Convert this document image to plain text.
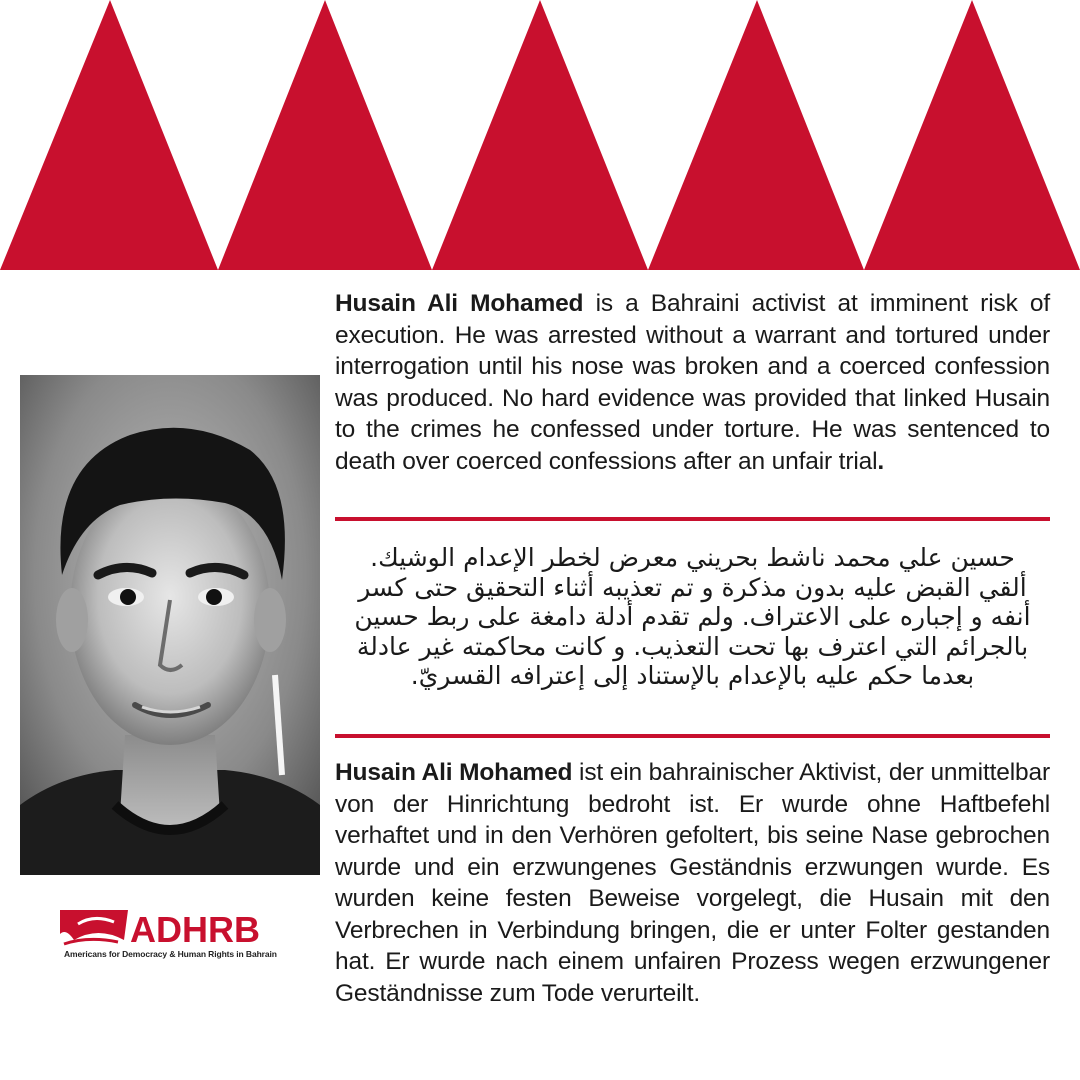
ADHRB
Americans for Democracy & Human Rights in Bahrain
Husain Ali Mohamed is a Bahraini activist at imminent risk of execution. He was arrested without a warrant and tortured under interrogation until his nose was broken and a coerced confession was produced. No hard evidence was provided that linked Husain to the crimes he confessed under torture. He was sentenced to death over coerced confessions after an unfair trial.
حسين علي محمد ناشط بحريني معرض لخطر الإعدام الوشيك.
ألقي القبض عليه بدون مذكرة و تم تعذيبه أثناء التحقيق حتى كسر
أنفه و إجباره على الاعتراف. ولم تقدم أدلة دامغة على ربط حسين
بالجرائم التي اعترف بها تحت التعذيب. و كانت محاكمته غير عادلة
بعدما حكم عليه بالإعدام بالإستناد إلى إعترافه القسريّ.
Husain Ali Mohamed ist ein bahrainischer Aktivist, der unmittelbar von der Hinrichtung bedroht ist. Er wurde ohne Haftbefehl verhaftet und in den Verhören gefoltert, bis seine Nase gebrochen wurde und ein erzwungenes Geständnis erzwungen wurde. Es wurden keine festen Beweise vorgelegt, die Husain mit den Verbrechen in Verbindung bringen, die er unter Folter gestanden hat. Er wurde nach einem unfairen Prozess wegen erzwungener Geständnisse zum Tode verurteilt.
